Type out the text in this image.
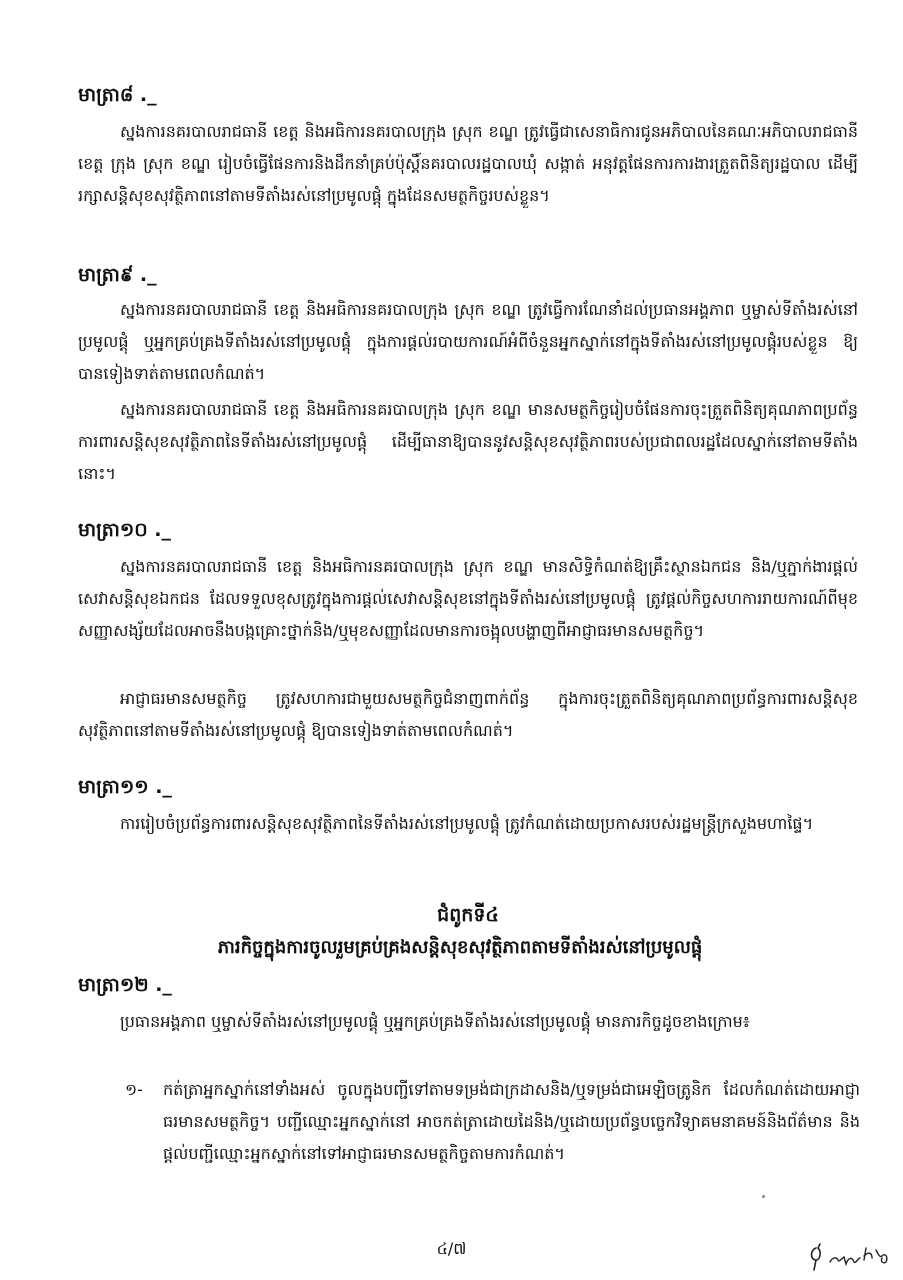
មាត្រា៨ ._

ស្នងការនគរបាលរាជធានី ខេត្ត និងអធិការនគរបាលក្រុង ស្រុក ខណ្ឌ ត្រូវធ្វើជាសេនាធិការជូនអភិបាលនៃគណៈអភិបាលរាជធានី ខេត្ត ក្រុង ស្រុក ខណ្ឌ រៀបចំធ្វើផែនការនិងដឹកនាំគ្រប់ប៉ុស្តិ៍នគរបាលរដ្ឋបាលឃុំ សង្កាត់ អនុវត្តផែនការការងារត្រួតពិនិត្យរដ្ឋបាល ដើម្បីរក្សាសន្តិសុខសុវត្ថិភាពនៅតាមទីតាំងរស់នៅប្រមូលផ្តុំ ក្នុងដែនសមត្ថកិច្ចរបស់ខ្លួន។

មាត្រា៩ ._

ស្នងការនគរបាលរាជធានី ខេត្ត និងអធិការនគរបាលក្រុង ស្រុក ខណ្ឌ ត្រូវធ្វើការណែនាំដល់ប្រធានអង្គភាព ឬម្ចាស់ទីតាំងរស់នៅប្រមូលផ្តុំ ឬអ្នកគ្រប់គ្រងទីតាំងរស់នៅប្រមូលផ្តុំ ក្នុងការផ្តល់របាយការណ៍អំពីចំនួនអ្នកស្នាក់នៅក្នុងទីតាំងរស់នៅប្រមូលផ្តុំរបស់ខ្លួន ឱ្យបានទៀងទាត់តាមពេលកំណត់។

ស្នងការនគរបាលរាជធានី ខេត្ត និងអធិការនគរបាលក្រុង ស្រុក ខណ្ឌ មានសមត្ថកិច្ចរៀបចំផែនការចុះត្រួតពិនិត្យគុណភាពប្រព័ន្ធការពារសន្តិសុខសុវត្ថិភាពនៃទីតាំងរស់នៅប្រមូលផ្តុំ ដើម្បីធានាឱ្យបាននូវសន្តិសុខសុវត្ថិភាពរបស់ប្រជាពលរដ្ឋដែលស្នាក់នៅតាមទីតាំងនោះ។

មាត្រា១០ ._

ស្នងការនគរបាលរាជធានី ខេត្ត និងអធិការនគរបាលក្រុង ស្រុក ខណ្ឌ មានសិទ្ធិកំណត់ឱ្យគ្រឹះស្ថានឯកជន និង/ឬភ្នាក់ងារផ្តល់សេវាសន្តិសុខឯកជន ដែលទទួលខុសត្រូវក្នុងការផ្តល់សេវាសន្តិសុខនៅក្នុងទីតាំងរស់នៅប្រមូលផ្តុំ ត្រូវផ្តល់កិច្ចសហការរាយការណ៍ពីមុខសញ្ញាសង្ស័យដែលអាចនឹងបង្កគ្រោះថ្នាក់និង/ឬមុខសញ្ញាដែលមានការចង្អុលបង្ហាញពីអាជ្ញាធរមានសមត្ថកិច្ច។

អាជ្ញាធរមានសមត្ថកិច្ច ត្រូវសហការជាមួយសមត្ថកិច្ចជំនាញពាក់ព័ន្ធ ក្នុងការចុះត្រួតពិនិត្យគុណភាពប្រព័ន្ធការពារសន្តិសុខសុវត្ថិភាពនៅតាមទីតាំងរស់នៅប្រមូលផ្តុំ ឱ្យបានទៀងទាត់តាមពេលកំណត់។

មាត្រា១១ ._

ការរៀបចំប្រព័ន្ធការពារសន្តិសុខសុវត្ថិភាពនៃទីតាំងរស់នៅប្រមូលផ្តុំ ត្រូវកំណត់ដោយប្រកាសរបស់រដ្ឋមន្ត្រីក្រសួងមហាផ្ទៃ។

ជំពូកទី៤
ភារកិច្ចក្នុងការចូលរួមគ្រប់គ្រងសន្តិសុខសុវត្ថិភាពតាមទីតាំងរស់នៅប្រមូលផ្តុំ
មាត្រា១២ ._

ប្រធានអង្គភាព ឬម្ចាស់ទីតាំងរស់នៅប្រមូលផ្តុំ ឬអ្នកគ្រប់គ្រងទីតាំងរស់នៅប្រមូលផ្តុំ មានភារកិច្ចដូចខាងក្រោម៖

១-	កត់ត្រាអ្នកស្នាក់នៅទាំងអស់ ចូលក្នុងបញ្ជីទៅតាមទម្រង់ជាក្រដាសនិង/ឬទម្រង់ជាអេឡិចត្រូនិក ដែលកំណត់ដោយអាជ្ញាធរមានសមត្ថកិច្ច។ បញ្ជីឈ្មោះអ្នកស្នាក់នៅ អាចកត់ត្រាដោយដៃនិង/ឬដោយប្រព័ន្ធបច្ចេកវិទ្យាគមនាគមន៍និងព័ត៌មាន និងផ្តល់បញ្ជីឈ្មោះអ្នកស្នាក់នៅទៅអាជ្ញាធរមានសមត្ថកិច្ចតាមការកំណត់។
៤/៧
